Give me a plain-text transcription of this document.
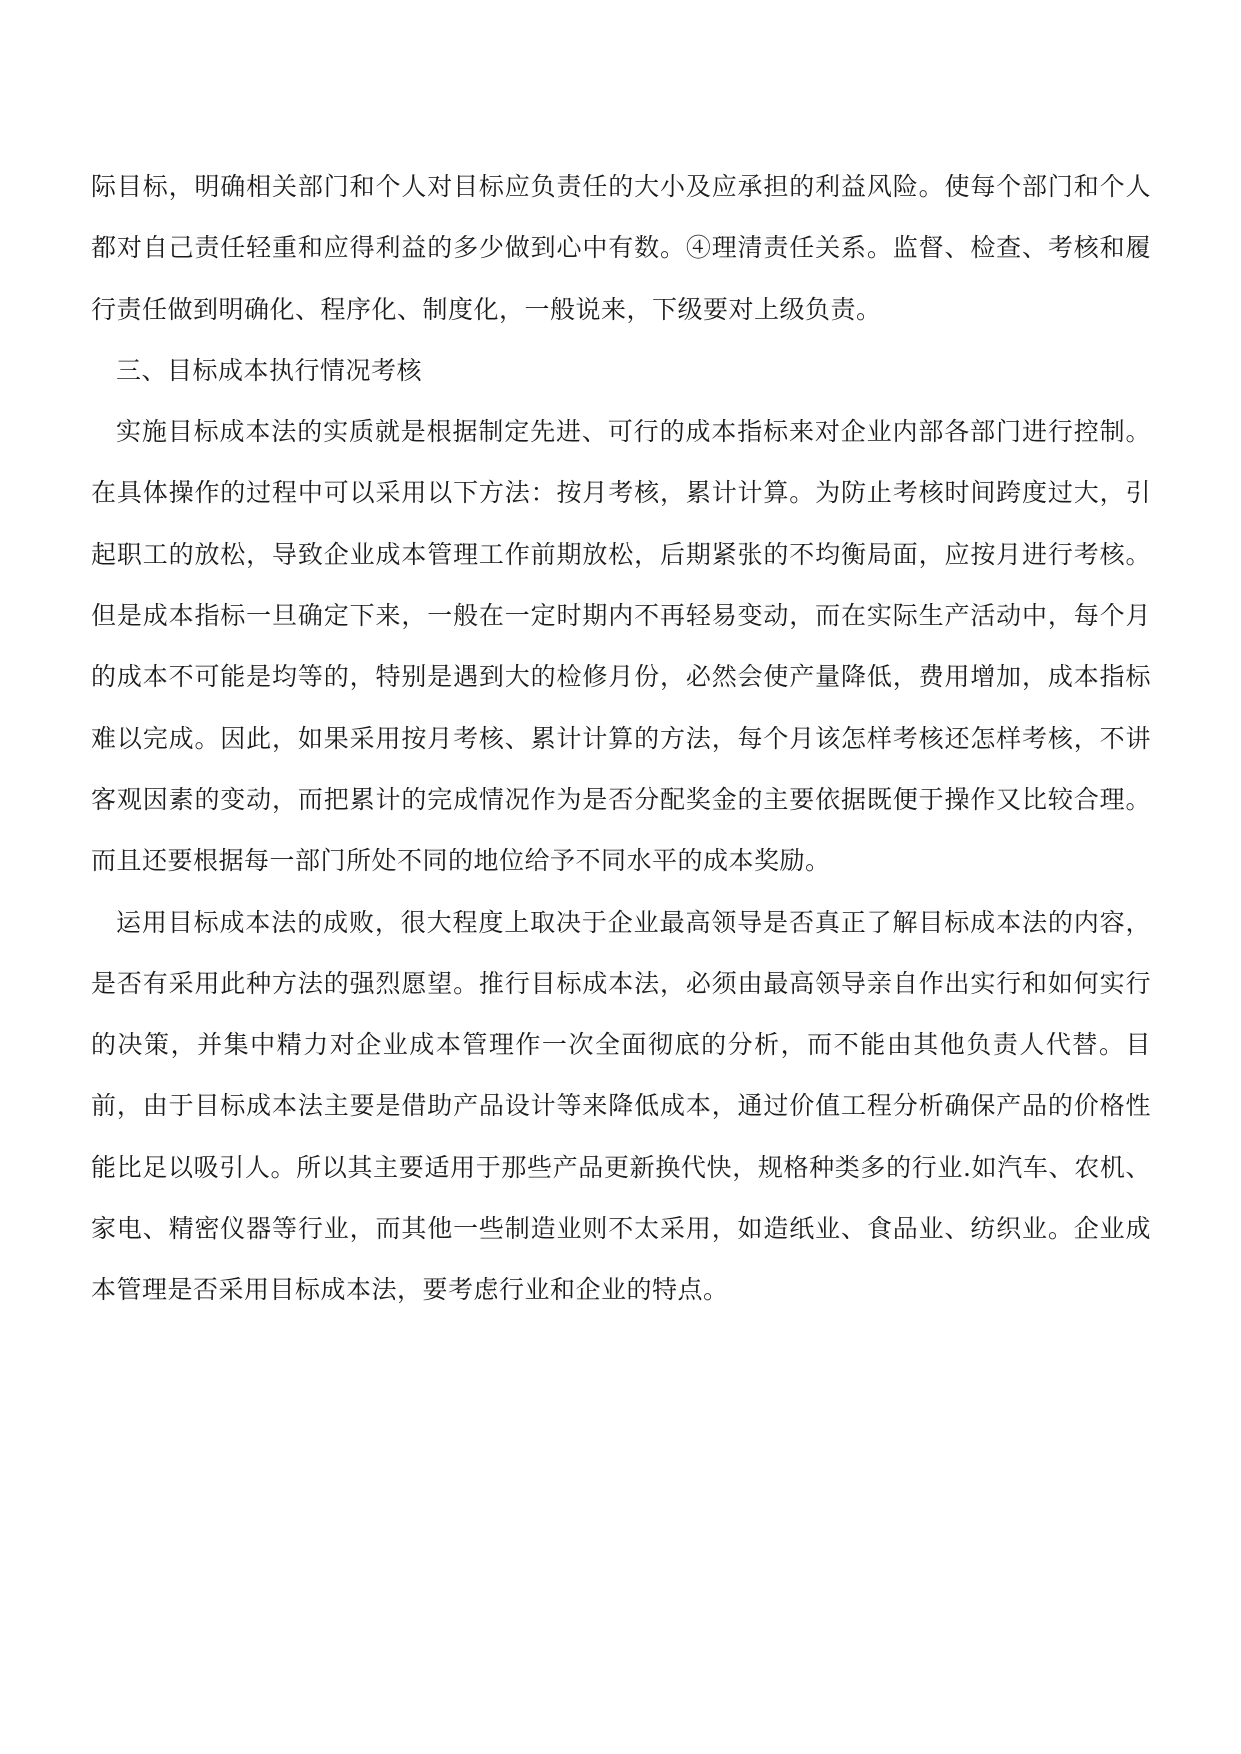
际目标，明确相关部门和个人对目标应负责任的大小及应承担的利益风险。使每个部门和个人都对自己责任轻重和应得利益的多少做到心中有数。④理清责任关系。监督、检查、考核和履行责任做到明确化、程序化、制度化，一般说来，下级要对上级负责。

三、目标成本执行情况考核

实施目标成本法的实质就是根据制定先进、可行的成本指标来对企业内部各部门进行控制。在具体操作的过程中可以采用以下方法：按月考核，累计计算。为防止考核时间跨度过大，引起职工的放松，导致企业成本管理工作前期放松，后期紧张的不均衡局面，应按月进行考核。但是成本指标一旦确定下来，一般在一定时期内不再轻易变动，而在实际生产活动中，每个月的成本不可能是均等的，特别是遇到大的检修月份，必然会使产量降低，费用增加，成本指标难以完成。因此，如果采用按月考核、累计计算的方法，每个月该怎样考核还怎样考核，不讲客观因素的变动，而把累计的完成情况作为是否分配奖金的主要依据既便于操作又比较合理。而且还要根据每一部门所处不同的地位给予不同水平的成本奖励。

运用目标成本法的成败，很大程度上取决于企业最高领导是否真正了解目标成本法的内容，是否有采用此种方法的强烈愿望。推行目标成本法，必须由最高领导亲自作出实行和如何实行的决策，并集中精力对企业成本管理作一次全面彻底的分析，而不能由其他负责人代替。目前，由于目标成本法主要是借助产品设计等来降低成本，通过价值工程分析确保产品的价格性能比足以吸引人。所以其主要适用于那些产品更新换代快，规格种类多的行业.如汽车、农机、家电、精密仪器等行业，而其他一些制造业则不太采用，如造纸业、食品业、纺织业。企业成本管理是否采用目标成本法，要考虑行业和企业的特点。
